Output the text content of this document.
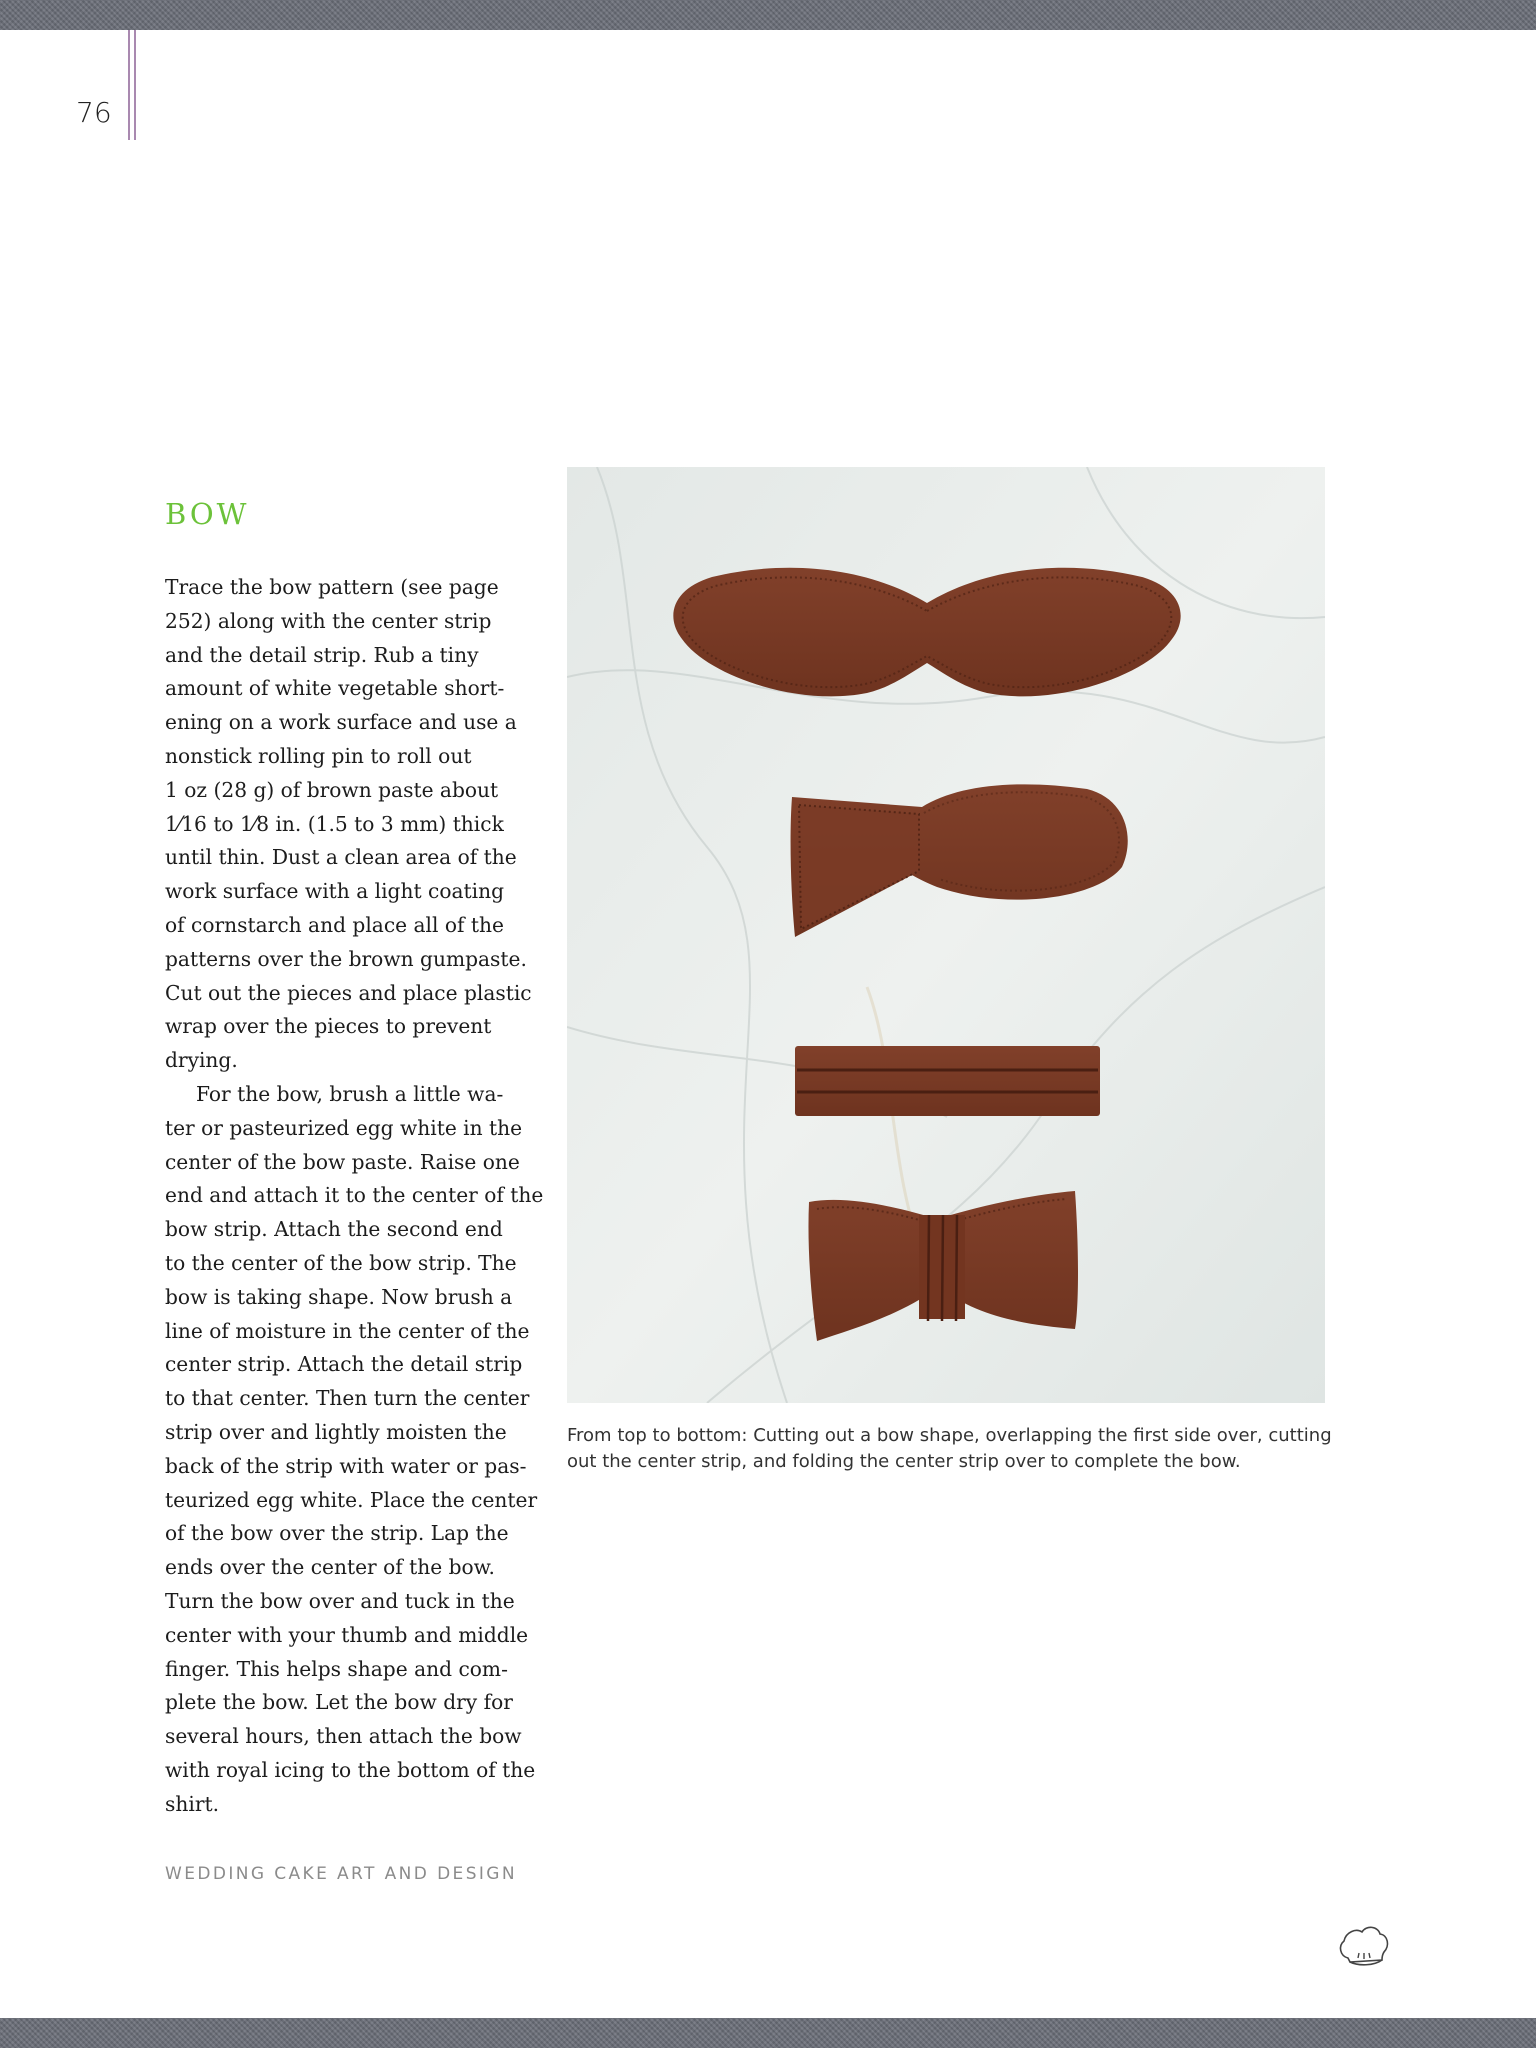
76
BOW
Trace the bow pattern (see page
252) along with the center strip
and the detail strip. Rub a tiny
amount of white vegetable short-
ening on a work surface and use a
nonstick rolling pin to roll out
1 oz (28 g) of brown paste about
1⁄16 to 1⁄8 in. (1.5 to 3 mm) thick
until thin. Dust a clean area of the
work surface with a light coating
of cornstarch and place all of the
patterns over the brown gumpaste.
Cut out the pieces and place plastic
wrap over the pieces to prevent
drying.
For the bow, brush a little wa-
ter or pasteurized egg white in the
center of the bow paste. Raise one
end and attach it to the center of the
bow strip. Attach the second end
to the center of the bow strip. The
bow is taking shape. Now brush a
line of moisture in the center of the
center strip. Attach the detail strip
to that center. Then turn the center
strip over and lightly moisten the
back of the strip with water or pas-
teurized egg white. Place the center
of the bow over the strip. Lap the
ends over the center of the bow.
Turn the bow over and tuck in the
center with your thumb and middle
finger. This helps shape and com-
plete the bow. Let the bow dry for
several hours, then attach the bow
with royal icing to the bottom of the
shirt.
From top to bottom: Cutting out a bow shape, overlapping the first side over, cutting
out the center strip, and folding the center strip over to complete the bow.
WEDDING CAKE ART AND DESIGN
